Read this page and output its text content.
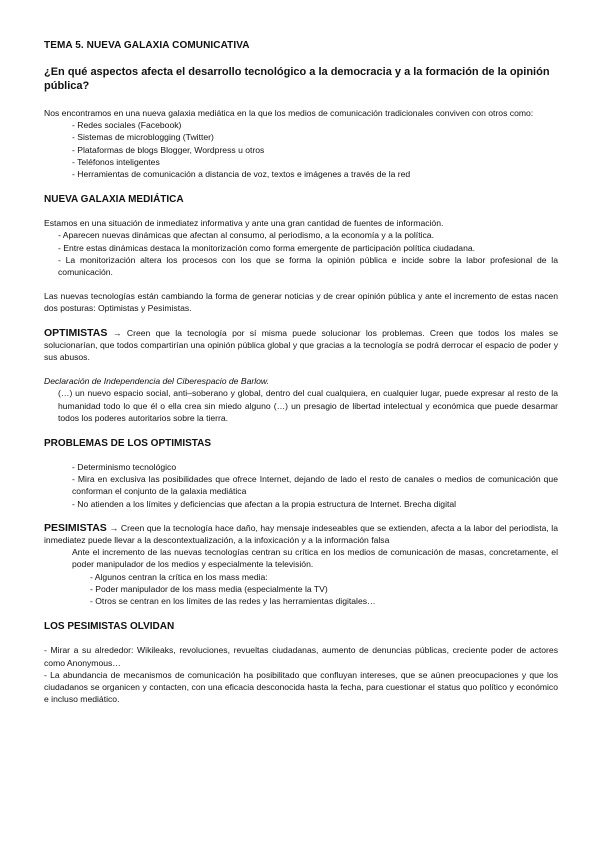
TEMA 5. NUEVA GALAXIA COMUNICATIVA
¿En qué aspectos afecta el desarrollo tecnológico a la democracia y a la formación de la opinión pública?

Nos encontramos en una nueva galaxia mediática en la que los medios de comunicación tradicionales conviven con otros como:

- Redes sociales (Facebook)
- Sistemas de microblogging (Twitter)
- Plataformas de blogs Blogger, Wordpress u otros
- Teléfonos inteligentes
- Herramientas de comunicación a distancia de voz, textos e imágenes a través de la red
NUEVA GALAXIA MEDIÁTICA

Estamos en una situación de inmediatez informativa y ante una gran cantidad de fuentes de información.

- Aparecen nuevas dinámicas que afectan al consumo, al periodismo, a la economía y a la política.
- Entre estas dinámicas destaca la monitorización como forma emergente de participación política ciudadana.
- La monitorización altera los procesos con los que se forma la opinión pública e incide sobre la labor profesional de la comunicación.

Las nuevas tecnologías están cambiando la forma de generar noticias y de crear opinión pública y ante el incremento de estas nacen dos posturas: Optimistas y Pesimistas.

OPTIMISTAS → Creen que la tecnología por sí misma puede solucionar los problemas. Creen que todos los males se solucionarían, que todos compartirían una opinión pública global y que gracias a la tecnología se podrá derrocar el espacio de poder y sus abusos.

Declaración de Independencia del Ciberespacio de Barlow.

(…) un nuevo espacio social, anti–soberano y global, dentro del cual cualquiera, en cualquier lugar, puede expresar al resto de la humanidad todo lo que él o ella crea sin miedo alguno (…) un presagio de libertad intelectual y económica que puede desarmar todos los poderes autoritarios sobre la tierra.

PROBLEMAS DE LOS OPTIMISTAS
- Determinismo tecnológico
- Mira en exclusiva las posibilidades que ofrece Internet, dejando de lado el resto de canales o medios de comunicación que conforman el conjunto de la galaxia mediática
- No atienden a los límites y deficiencias que afectan a la propia estructura de Internet. Brecha digital

PESIMISTAS → Creen que la tecnología hace daño, hay mensaje indeseables que se extienden, afecta a la labor del periodista, la inmediatez puede llevar a la descontextualización, a la infoxicación y a la información falsa

Ante el incremento de las nuevas tecnologías centran su crítica en los medios de comunicación de masas, concretamente, el poder manipulador de los medios y especialmente la televisión.

- Algunos centran la crítica en los mass media:
- Poder manipulador de los mass media (especialmente la TV)
- Otros se centran en los límites de las redes y las herramientas digitales…
LOS PESIMISTAS OLVIDAN
- Mirar a su alrededor: Wikileaks, revoluciones, revueltas ciudadanas, aumento de denuncias públicas, creciente poder de actores como Anonymous…
- La abundancia de mecanismos de comunicación ha posibilitado que confluyan intereses, que se aúnen preocupaciones y que los ciudadanos se organicen y contacten, con una eficacia desconocida hasta la fecha, para cuestionar el status quo político y económico e incluso mediático.
